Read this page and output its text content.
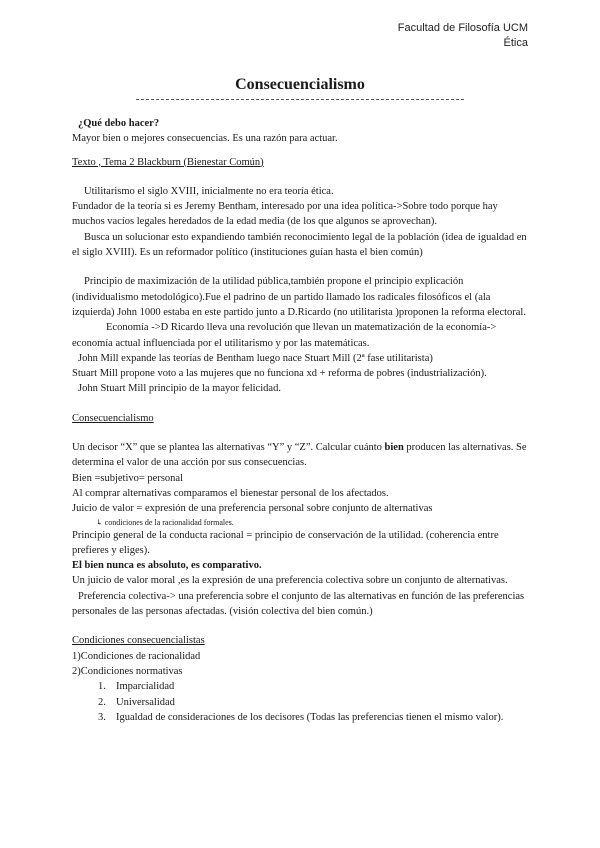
Facultad de Filosofía UCM
Ética
Consecuencialismo

¿Qué debo hacer?

Mayor bien o mejores consecuencias. Es una razón para actuar.

Texto , Tema 2 Blackburn (Bienestar Común)

Utilitarismo el siglo XVIII, inicialmente no era teoría ética.

Fundador de la teoría si es Jeremy Bentham, interesado por una idea política->Sobre todo porque hay muchos vacíos legales heredados de la edad media (de los que algunos se aprovechan).

Busca un solucionar esto expandiendo también reconocimiento legal de la población (idea de igualdad en el siglo XVIII). Es un reformador político (instituciones guían hasta el bien común)

Principio de maximización de la utilidad pública,también propone el principio explicación (individualismo metodológico).Fue el padrino de un partido llamado los radicales filosóficos el (ala izquierda) John 1000 estaba en este partido junto a D.Ricardo (no utilitarista )proponen la reforma electoral.

Economía ->D Ricardo lleva una revolución que llevan un matematización de la economía-> economía actual influenciada por el utilitarismo y por las matemáticas.

John Mill expande las teorías de Bentham luego nace Stuart Mill (2ª fase utilitarista)

Stuart Mill propone voto a las mujeres que no funciona xd + reforma de pobres (industrialización).

John Stuart Mill principio de la mayor felicidad.

Consecuencialismo

Un decisor “X” que se plantea las alternativas “Y” y “Z”. Calcular cuánto bien producen las alternativas. Se determina el valor de una acción por sus consecuencias.

Bien =subjetivo= personal

Al comprar alternativas comparamos el bienestar personal de los afectados.

Juicio de valor = expresión de una preferencia personal sobre conjunto de alternativas

↳ condiciones de la racionalidad formales.

Principio general de la conducta racional = principio de conservación de la utilidad. (coherencia entre prefieres y eliges).

El bien nunca es absoluto, es comparativo.

Un juicio de valor moral ,es la expresión de una preferencia colectiva sobre un conjunto de alternativas.

Preferencia colectiva-> una preferencia sobre el conjunto de las alternativas en función de las preferencias personales de las personas afectadas. (visión colectiva del bien común.)

Condiciones consecuencialistas

1)Condiciones de racionalidad

2)Condiciones normativas

1. Imparcialidad
2. Universalidad
3. Igualdad de consideraciones de los decisores (Todas las preferencias tienen el mismo valor).
